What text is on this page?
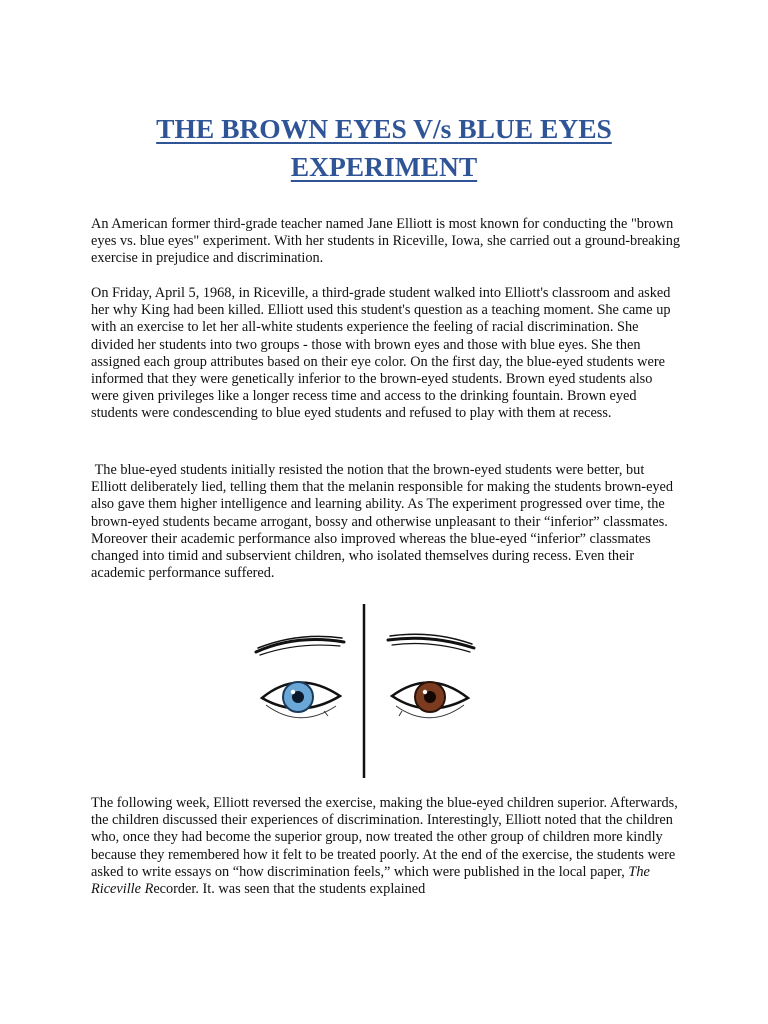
THE BROWN EYES V/s BLUE EYES
EXPERIMENT

An American former third-grade teacher named Jane Elliott is most known for conducting the "brown eyes vs. blue eyes" experiment. With her students in Riceville, Iowa, she carried out a ground-breaking exercise in prejudice and discrimination.

On Friday, April 5, 1968, in Riceville, a third-grade student walked into Elliott's classroom and asked her why King had been killed. Elliott used this student's question as a teaching moment. She came up with an exercise to let her all-white students experience the feeling of racial discrimination. She divided her students into two groups - those with brown eyes and those with blue eyes. She then assigned each group attributes based on their eye color. On the first day, the blue-eyed students were informed that they were genetically inferior to the brown-eyed students. Brown eyed students also were given privileges like a longer recess time and access to the drinking fountain. Brown eyed students were condescending to blue eyed students and refused to play with them at recess.

The blue-eyed students initially resisted the notion that the brown-eyed students were better, but Elliott deliberately lied, telling them that the melanin responsible for making the students brown-eyed also gave them higher intelligence and learning ability. As The experiment progressed over time, the brown-eyed students became arrogant, bossy and otherwise unpleasant to their “inferior” classmates. Moreover their academic performance also improved whereas the blue-eyed “inferior” classmates changed into timid and subservient children, who isolated themselves during recess. Even their academic performance suffered.

The following week, Elliott reversed the exercise, making the blue-eyed children superior. Afterwards, the children discussed their experiences of discrimination. Interestingly, Elliott noted that the children who, once they had become the superior group, now treated the other group of children more kindly because they remembered how it felt to be treated poorly. At the end of the exercise, the students were asked to write essays on “how discrimination feels,” which were published in the local paper, The Riceville Recorder. It. was seen that the students explained
